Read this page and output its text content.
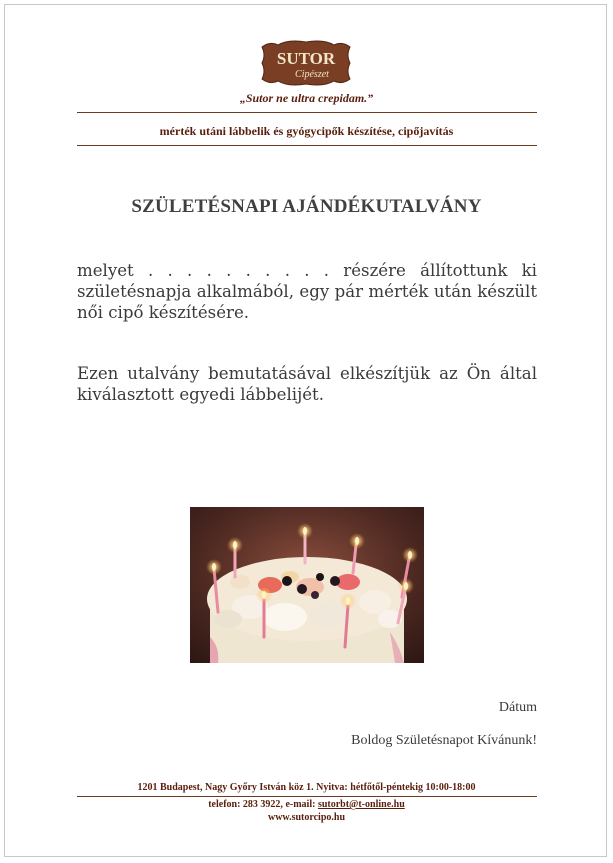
SUTOR
Cipészet
„Sutor ne ultra crepidam.”
mérték utáni lábbelik és gyógycipők készítése, cipőjavítás
SZÜLETÉSNAPI AJÁNDÉKUTALVÁNY
melyet . . . . . . . . . . részére állítottunk ki születésnapja alkalmából, egy pár mérték után készült női cipő készítésére.
Ezen utalvány bemutatásával elkészítjük az Ön által kiválasztott egyedi lábbelijét.
Dátum
Boldog Születésnapot Kívánunk!
1201 Budapest, Nagy Győry István köz 1. Nyitva: hétfőtől-péntekig 10:00-18:00
telefon: 283 3922, e-mail: sutorbt@t-online.hu
www.sutorcipo.hu
